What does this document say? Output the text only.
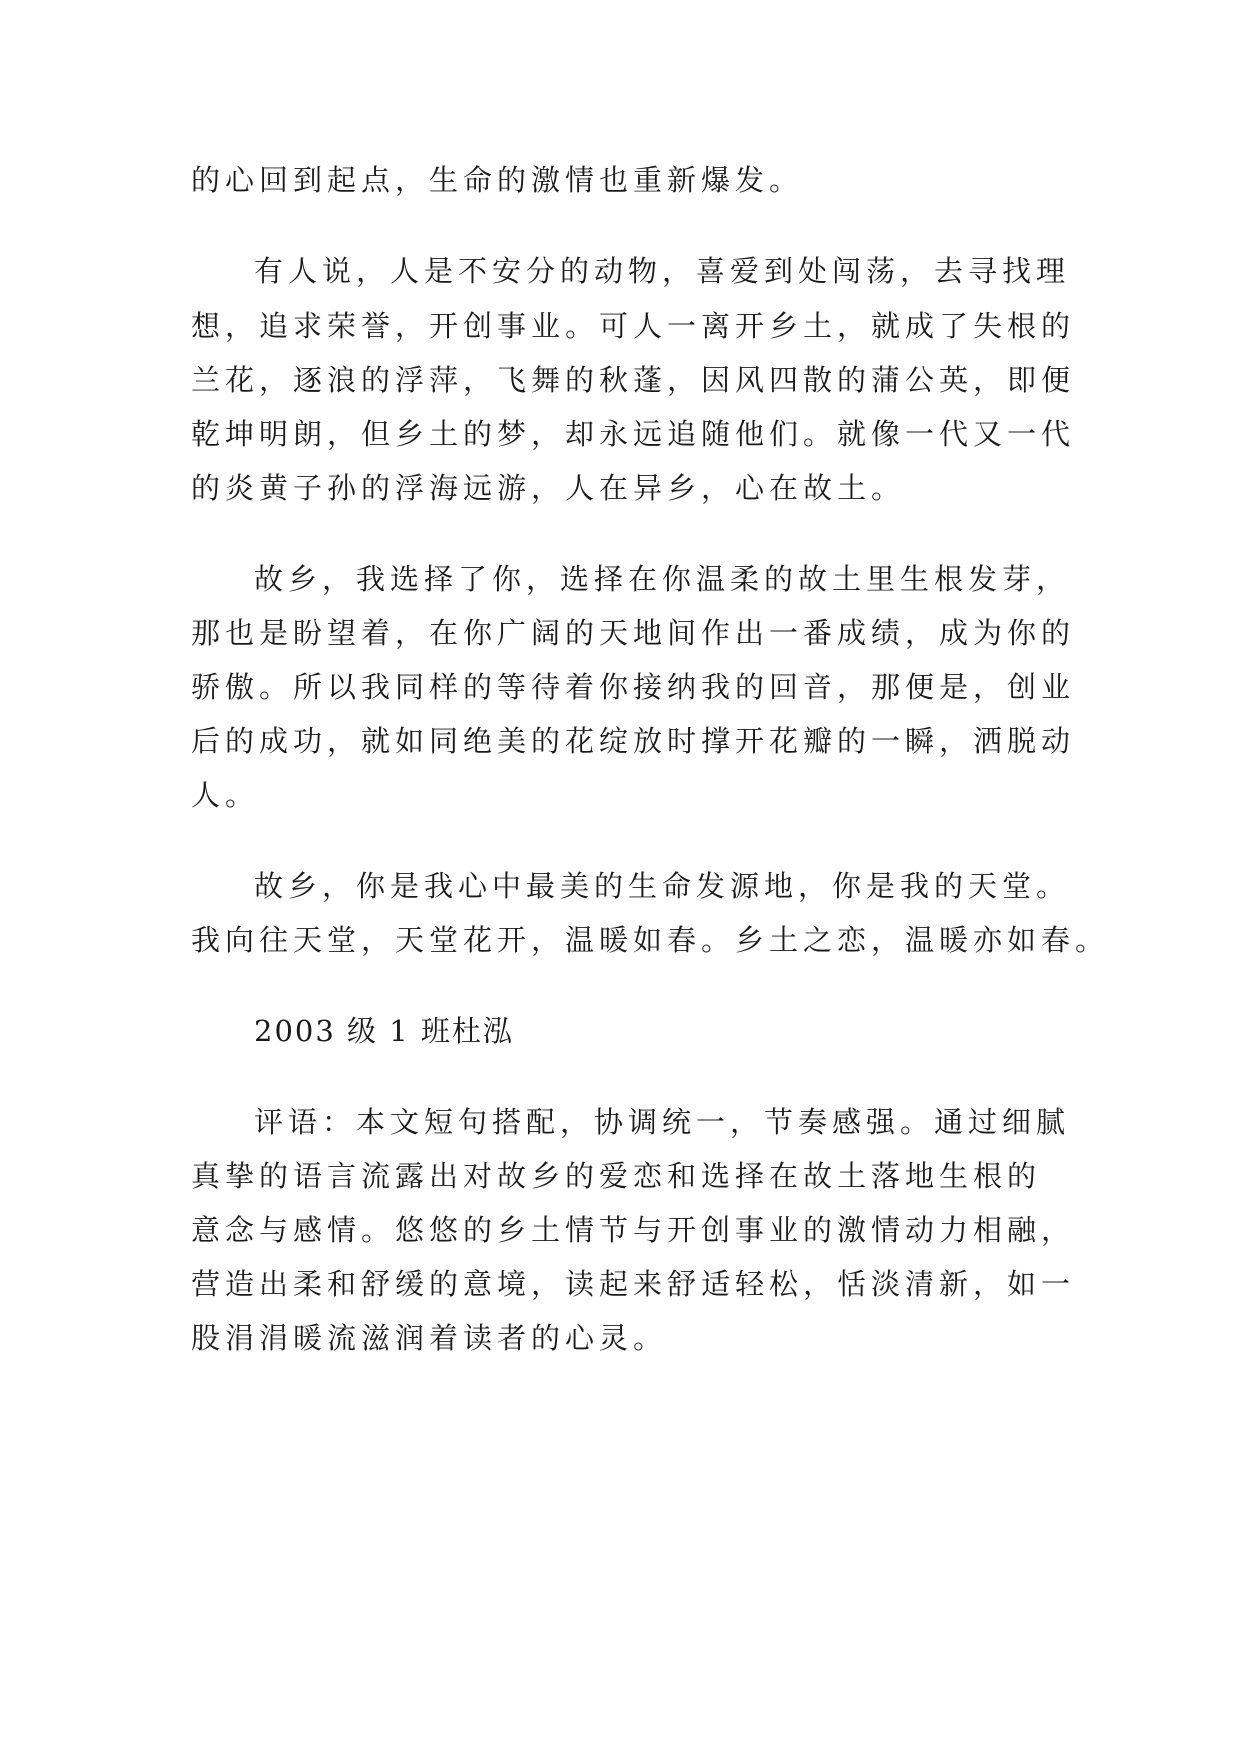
的心回到起点，生命的激情也重新爆发。
有人说，人是不安分的动物，喜爱到处闯荡，去寻找理
想，追求荣誉，开创事业。可人一离开乡土，就成了失根的
兰花，逐浪的浮萍，飞舞的秋蓬，因风四散的蒲公英，即便
乾坤明朗，但乡土的梦，却永远追随他们。就像一代又一代
的炎黄子孙的浮海远游，人在异乡，心在故土。
故乡，我选择了你，选择在你温柔的故土里生根发芽，
那也是盼望着，在你广阔的天地间作出一番成绩，成为你的
骄傲。所以我同样的等待着你接纳我的回音，那便是，创业
后的成功，就如同绝美的花绽放时撑开花瓣的一瞬，洒脱动
人。
故乡，你是我心中最美的生命发源地，你是我的天堂。
我向往天堂，天堂花开，温暖如春。乡土之恋，温暖亦如春。
2003 级 1 班杜泓
评语：本文短句搭配，协调统一，节奏感强。通过细腻
真挚的语言流露出对故乡的爱恋和选择在故土落地生根的
意念与感情。悠悠的乡土情节与开创事业的激情动力相融，
营造出柔和舒缓的意境，读起来舒适轻松，恬淡清新，如一
股涓涓暖流滋润着读者的心灵。
